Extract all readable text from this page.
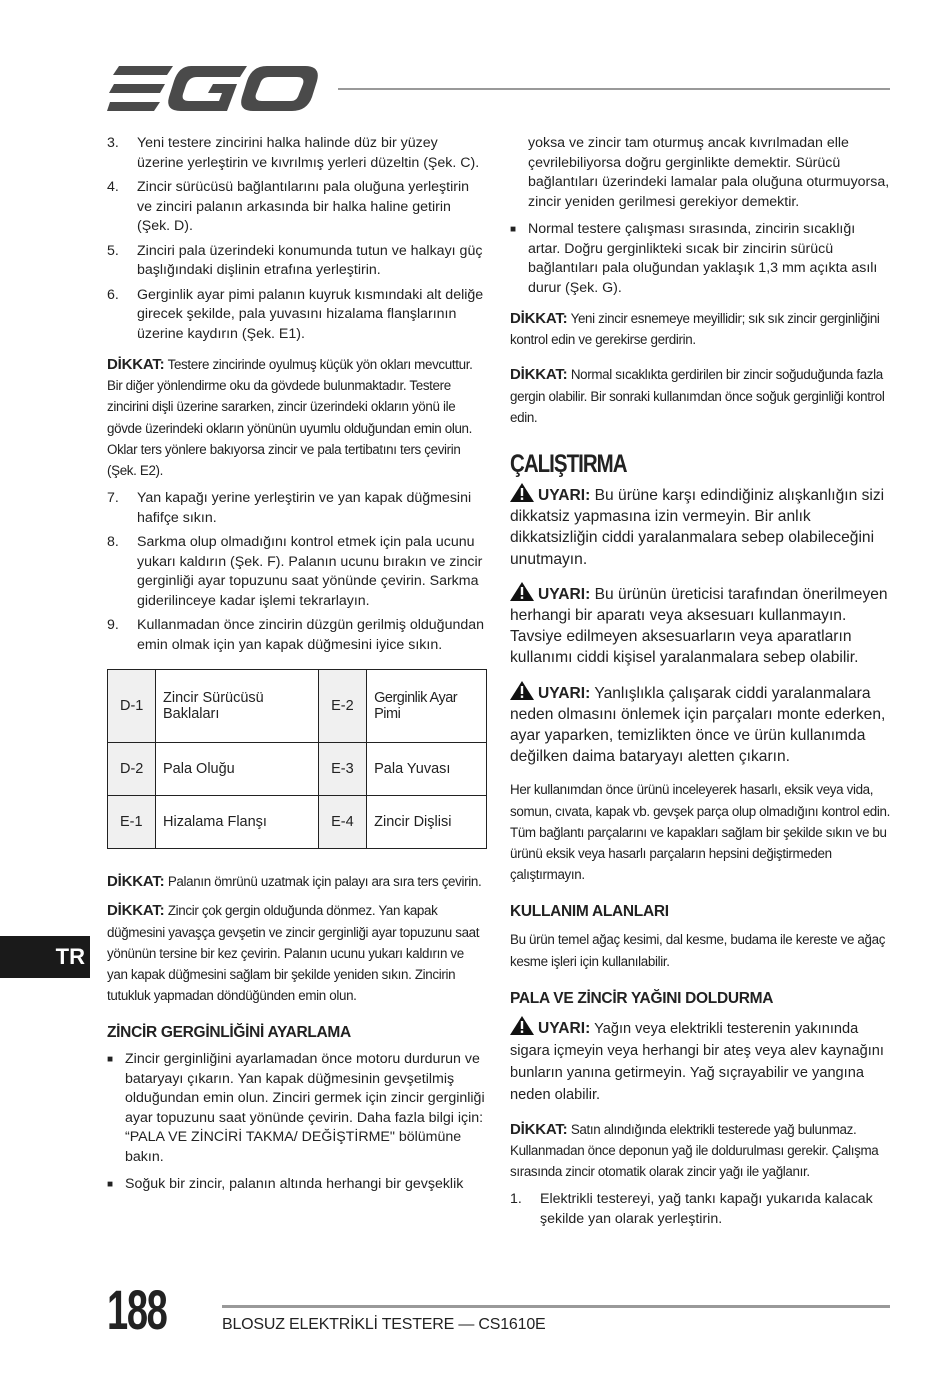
3.	Yeni testere zincirini halka halinde düz bir yüzey üzerine yerleştirin ve kıvrılmış yerleri düzeltin (Şek. C).
4.	Zincir sürücüsü bağlantılarını pala oluğuna yerleştirin ve zinciri palanın arkasında bir halka haline getirin (Şek. D).
5.	Zinciri pala üzerindeki konumunda tutun ve halkayı güç başlığındaki dişlinin etrafına yerleştirin.
6.	Gerginlik ayar pimi palanın kuyruk kısmındaki alt deliğe girecek şekilde, pala yuvasını hizalama flanşlarının üzerine kaydırın (Şek. E1).

DİKKAT: Testere zincirinde oyulmuş küçük yön okları mevcuttur. Bir diğer yönlendirme oku da gövdede bulunmaktadır. Testere zincirini dişli üzerine sararken, zincir üzerindeki okların yönü ile gövde üzerindeki okların yönünün uyumlu olduğundan emin olun. Oklar ters yönlere bakıyorsa zincir ve pala tertibatını ters çevirin (Şek. E2).

7.	Yan kapağı yerine yerleştirin ve yan kapak düğmesini hafifçe sıkın.
8.	Sarkma olup olmadığını kontrol etmek için pala ucunu yukarı kaldırın (Şek. F). Palanın ucunu bırakın ve zincir gerginliği ayar topuzunu saat yönünde çevirin. Sarkma giderilinceye kadar işlemi tekrarlayın.
9.	Kullanmadan önce zincirin düzgün gerilmiş olduğundan emin olmak için yan kapak düğmesini iyice sıkın.
D-1	Zincir Sürücüsü Baklaları	E-2	Gerginlik Ayar Pimi
D-2	Pala Oluğu	E-3	Pala Yuvası
E-1	Hizalama Flanşı	E-4	Zincir Dişlisi

DİKKAT: Palanın ömrünü uzatmak için palayı ara sıra ters çevirin.

DİKKAT: Zincir çok gergin olduğunda dönmez. Yan kapak düğmesini yavaşça gevşetin ve zincir gerginliği ayar topuzunu saat yönünün tersine bir kez çevirin. Palanın ucunu yukarı kaldırın ve yan kapak düğmesini sağlam bir şekilde yeniden sıkın. Zincirin tutukluk yapmadan döndüğünden emin olun.

ZİNCİR GERGİNLİĞİNİ AYARLAMA
■ Zincir gerginliğini ayarlamadan önce motoru durdurun ve bataryayı çıkarın. Yan kapak düğmesinin gevşetilmiş olduğundan emin olun. Zinciri germek için zincir gerginliği ayar topuzunu saat yönünde çevirin. Daha fazla bilgi için: “PALA VE ZİNCİRİ TAKMA/ DEĞİŞTİRME" bölümüne bakın.
■ Soğuk bir zincir, palanın altında herhangi bir gevşeklik
yoksa ve zincir tam oturmuş ancak kıvrılmadan elle çevrilebiliyorsa doğru gerginlikte demektir. Sürücü bağlantıları üzerindeki lamalar pala oluğuna oturmuyorsa, zincir yeniden gerilmesi gerekiyor demektir.
■ Normal testere çalışması sırasında, zincirin sıcaklığı artar. Doğru gerginlikteki sıcak bir zincirin sürücü bağlantıları pala oluğundan yaklaşık 1,3 mm açıkta asılı durur (Şek. G).

DİKKAT: Yeni zincir esnemeye meyillidir; sık sık zincir gerginliğini kontrol edin ve gerekirse gerdirin.

DİKKAT: Normal sıcaklıkta gerdirilen bir zincir soğuduğunda fazla gergin olabilir. Bir sonraki kullanımdan önce soğuk gerginliği kontrol edin.

ÇALIŞTIRMA

UYARI: Bu ürüne karşı edindiğiniz alışkanlığın sizi dikkatsiz yapmasına izin vermeyin. Bir anlık dikkatsizliğin ciddi yaralanmalara sebep olabileceğini unutmayın.

UYARI: Bu ürünün üreticisi tarafından önerilmeyen herhangi bir aparatı veya aksesuarı kullanmayın. Tavsiye edilmeyen aksesuarların veya aparatların kullanımı ciddi kişisel yaralanmalara sebep olabilir.

UYARI: Yanlışlıkla çalışarak ciddi yaralanmalara neden olmasını önlemek için parçaları monte ederken, ayar yaparken, temizlikten önce ve ürün kullanımda değilken daima bataryayı aletten çıkarın.

Her kullanımdan önce ürünü inceleyerek hasarlı, eksik veya vida, somun, cıvata, kapak vb. gevşek parça olup olmadığını kontrol edin. Tüm bağlantı parçalarını ve kapakları sağlam bir şekilde sıkın ve bu ürünü eksik veya hasarlı parçaların hepsini değiştirmeden çalıştırmayın.

KULLANIM ALANLARI

Bu ürün temel ağaç kesimi, dal kesme, budama ile kereste ve ağaç kesme işleri için kullanılabilir.

PALA VE ZİNCİR YAĞINI DOLDURMA

UYARI: Yağın veya elektrikli testerenin yakınında sigara içmeyin veya herhangi bir ateş veya alev kaynağını bunların yanına getirmeyin. Yağ sıçrayabilir ve yangına neden olabilir.

DİKKAT: Satın alındığında elektrikli testerede yağ bulunmaz. Kullanmadan önce deponun yağ ile doldurulması gerekir. Çalışma sırasında zincir otomatik olarak zincir yağı ile yağlanır.

1.	Elektrikli testereyi, yağ tankı kapağı yukarıda kalacak şekilde yan olarak yerleştirin.
TR
188	BLOSUZ ELEKTRİKLİ TESTERE — CS1610E
